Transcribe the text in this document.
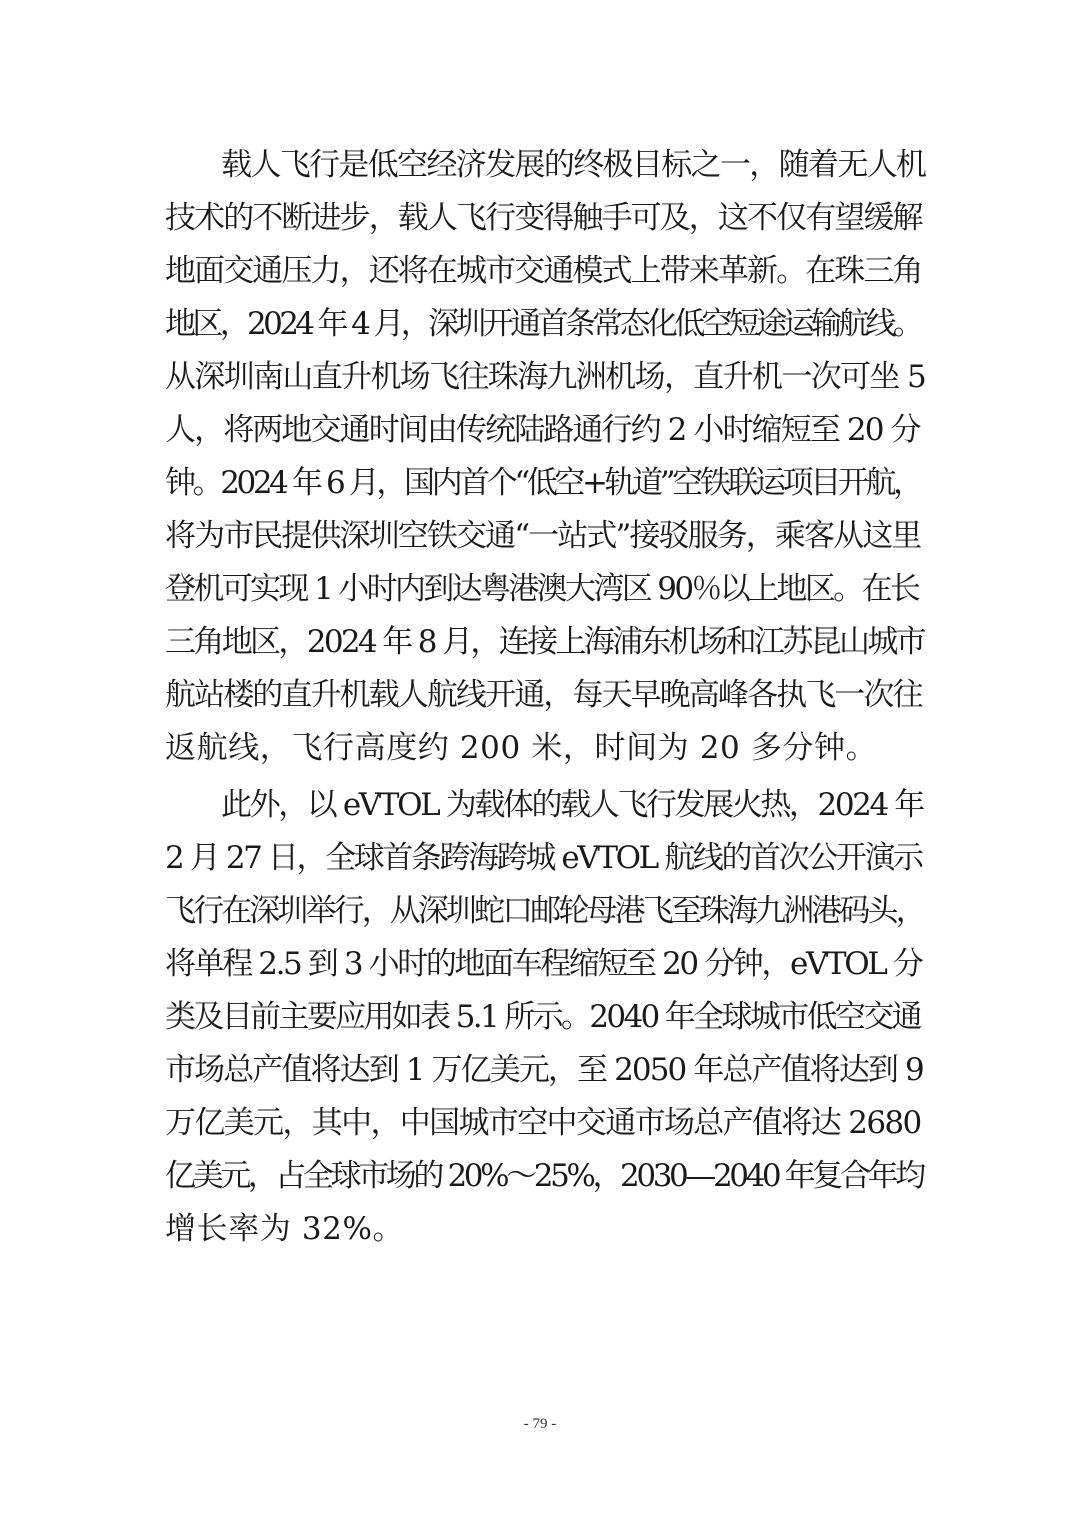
载人飞行是低空经济发展的终极目标之一，随着无人机
技术的不断进步，载人飞行变得触手可及，这不仅有望缓解
地面交通压力，还将在城市交通模式上带来革新。在珠三角
地区，2024 年 4 月，深圳开通首条常态化低空短途运输航线。
从深圳南山直升机场飞往珠海九洲机场，直升机一次可坐 5
人，将两地交通时间由传统陆路通行约 2 小时缩短至 20 分
钟。2024 年 6 月，国内首个“低空+轨道”空铁联运项目开航，
将为市民提供深圳空铁交通“一站式”接驳服务，乘客从这里
登机可实现 1 小时内到达粤港澳大湾区 90％以上地区。在长
三角地区，2024 年 8 月，连接上海浦东机场和江苏昆山城市
航站楼的直升机载人航线开通，每天早晚高峰各执飞一次往
返航线，飞行高度约 200 米，时间为 20 多分钟。
此外，以 eVTOL 为载体的载人飞行发展火热，2024 年
2 月 27 日，全球首条跨海跨城 eVTOL 航线的首次公开演示
飞行在深圳举行，从深圳蛇口邮轮母港飞至珠海九洲港码头，
将单程 2.5 到 3 小时的地面车程缩短至 20 分钟，eVTOL 分
类及目前主要应用如表 5.1 所示。2040 年全球城市低空交通
市场总产值将达到 1 万亿美元，至 2050 年总产值将达到 9
万亿美元，其中，中国城市空中交通市场总产值将达 2680
亿美元，占全球市场的 20%～25%，2030—2040 年复合年均
增长率为 32%。
- 79 -
